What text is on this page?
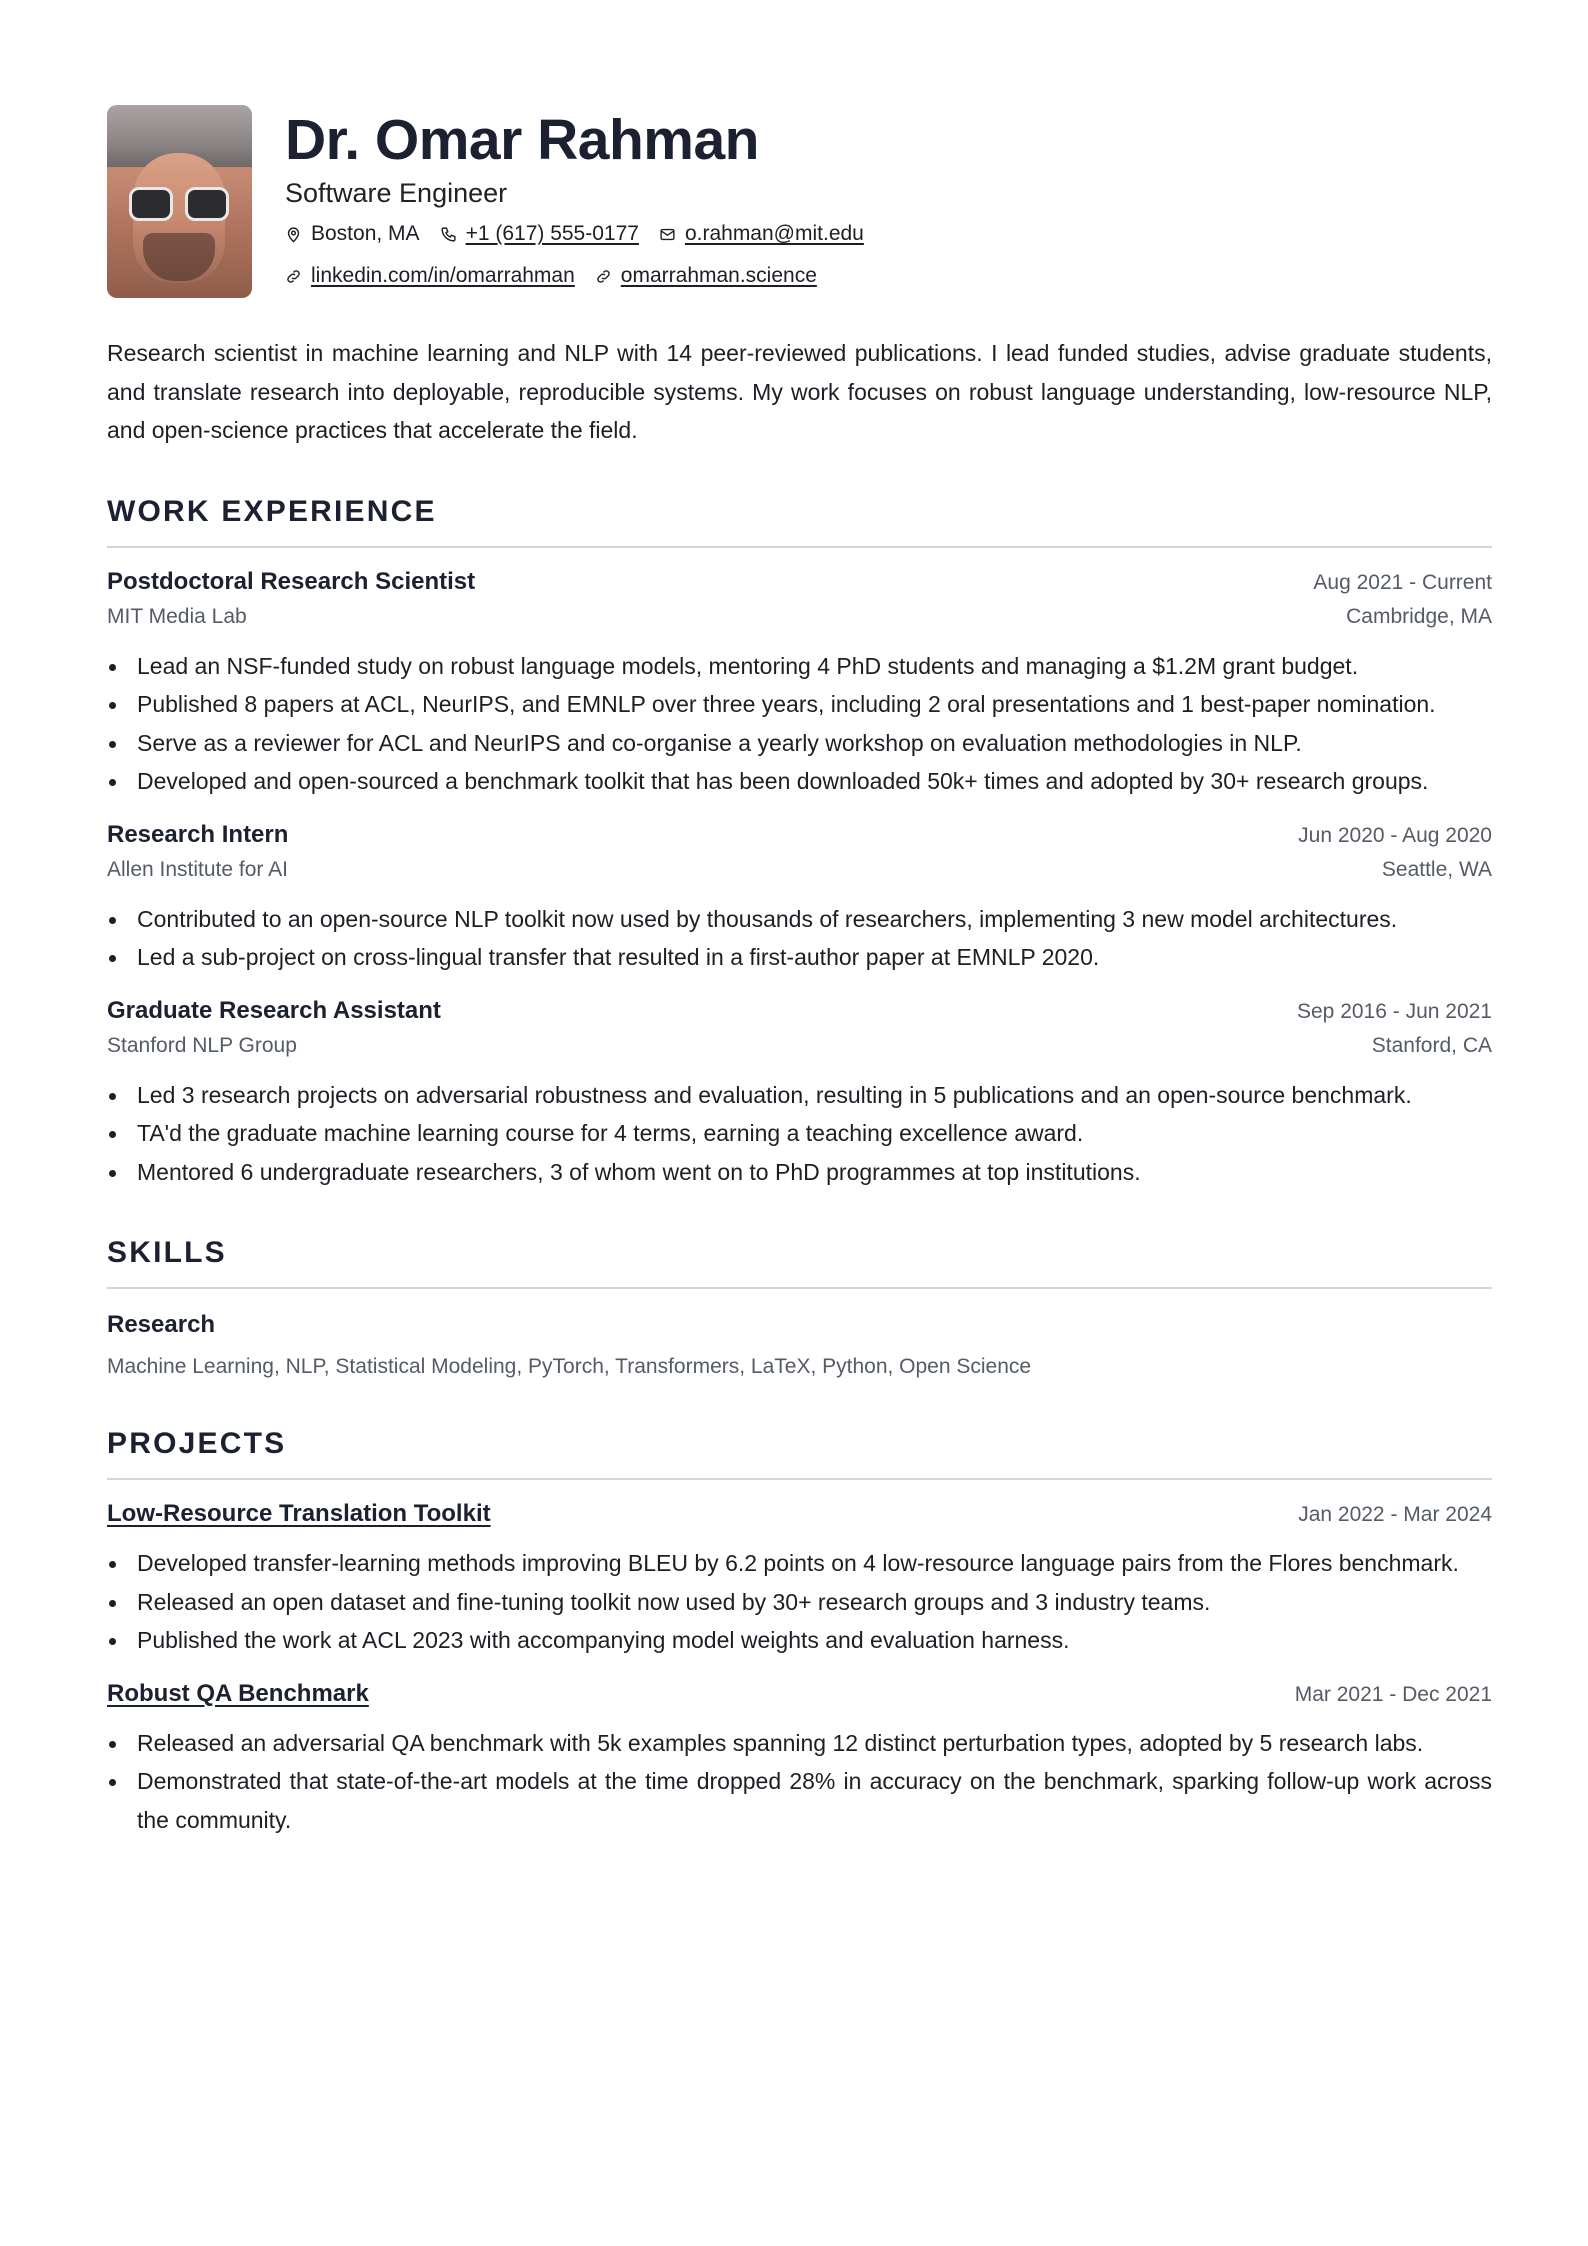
Dr. Omar Rahman
Software Engineer
Boston, MA +1 (617) 555-0177 o.rahman@mit.edu
linkedin.com/in/omarrahman omarrahman.science

Research scientist in machine learning and NLP with 14 peer-reviewed publications. I lead funded studies, advise graduate students, and translate research into deployable, reproducible systems. My work focuses on robust language understanding, low-resource NLP, and open-science practices that accelerate the field.

WORK EXPERIENCE
Postdoctoral Research Scientist	Aug 2021 - Current
MIT Media Lab	Cambridge, MA
Lead an NSF-funded study on robust language models, mentoring 4 PhD students and managing a $1.2M grant budget.
Published 8 papers at ACL, NeurIPS, and EMNLP over three years, including 2 oral presentations and 1 best-paper nomination.
Serve as a reviewer for ACL and NeurIPS and co-organise a yearly workshop on evaluation methodologies in NLP.
Developed and open-sourced a benchmark toolkit that has been downloaded 50k+ times and adopted by 30+ research groups.
Research Intern	Jun 2020 - Aug 2020
Allen Institute for AI	Seattle, WA
Contributed to an open-source NLP toolkit now used by thousands of researchers, implementing 3 new model architectures.
Led a sub-project on cross-lingual transfer that resulted in a first-author paper at EMNLP 2020.
Graduate Research Assistant	Sep 2016 - Jun 2021
Stanford NLP Group	Stanford, CA
Led 3 research projects on adversarial robustness and evaluation, resulting in 5 publications and an open-source benchmark.
TA'd the graduate machine learning course for 4 terms, earning a teaching excellence award.
Mentored 6 undergraduate researchers, 3 of whom went on to PhD programmes at top institutions.
SKILLS
Research
Machine Learning, NLP, Statistical Modeling, PyTorch, Transformers, LaTeX, Python, Open Science
PROJECTS
Low-Resource Translation Toolkit	Jan 2022 - Mar 2024
Developed transfer-learning methods improving BLEU by 6.2 points on 4 low-resource language pairs from the Flores benchmark.
Released an open dataset and fine-tuning toolkit now used by 30+ research groups and 3 industry teams.
Published the work at ACL 2023 with accompanying model weights and evaluation harness.
Robust QA Benchmark	Mar 2021 - Dec 2021
Released an adversarial QA benchmark with 5k examples spanning 12 distinct perturbation types, adopted by 5 research labs.
Demonstrated that state-of-the-art models at the time dropped 28% in accuracy on the benchmark, sparking follow-up work across the community.
